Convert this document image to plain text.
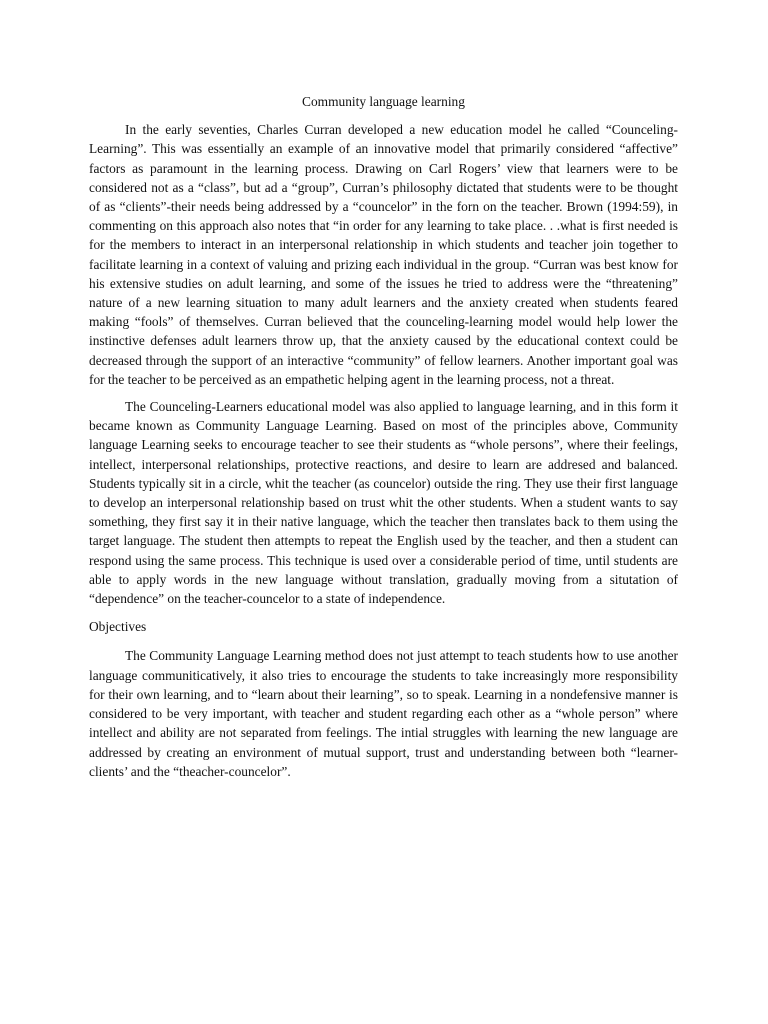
Community language learning

In the early seventies, Charles Curran developed a new education model he called “Counceling-Learning”. This was essentially an example of an innovative model that primarily considered “affective” factors as paramount in the learning process. Drawing on Carl Rogers’ view that learners were to be considered not as a “class”, but ad a “group”, Curran’s philosophy dictated that students were to be thought of as “clients”-their needs being addressed by a “councelor” in the forn on the teacher. Brown (1994:59), in commenting on this approach also notes that “in order for any learning to take place. . .what is first needed is for the members to interact in an interpersonal relationship in which students and teacher join together to facilitate learning in a context of valuing and prizing each individual in the group. “Curran was best know for his extensive studies on adult learning, and some of the issues he tried to address were the “threatening” nature of a new learning situation to many adult learners and the anxiety created when students feared making “fools” of themselves. Curran believed that the counceling-learning model would help lower the instinctive defenses adult learners throw up, that the anxiety caused by the educational context could be decreased through the support of an interactive “community” of fellow learners. Another important goal was for the teacher to be perceived as an empathetic helping agent in the learning process, not a threat.

The Counceling-Learners educational model was also applied to language learning, and in this form it became known as Community Language Learning. Based on most of the principles above, Community language Learning seeks to encourage teacher to see their students as “whole persons”, where their feelings, intellect, interpersonal relationships, protective reactions, and desire to learn are addresed and balanced. Students typically sit in a circle, whit the teacher (as councelor) outside the ring. They use their first language to develop an interpersonal relationship based on trust whit the other students. When a student wants to say something, they first say it in their native language, which the teacher then translates back to them using the target language. The student then attempts to repeat the English used by the teacher, and then a student can respond using the same process. This technique is used over a considerable period of time, until students are able to apply words in the new language without translation, gradually moving from a situtation of “dependence” on the teacher-councelor to a state of independence.

Objectives

The Community Language Learning method does not just attempt to teach students how to use another language communiticatively, it also tries to encourage the students to take increasingly more responsibility for their own learning, and to “learn about their learning”, so to speak. Learning in a nondefensive manner is considered to be very important, with teacher and student regarding each other as a “whole person” where intellect and ability are not separated from feelings. The intial struggles with learning the new language are addressed by creating an environment of mutual support, trust and understanding between both “learner-clients’ and the “theacher-councelor”.
